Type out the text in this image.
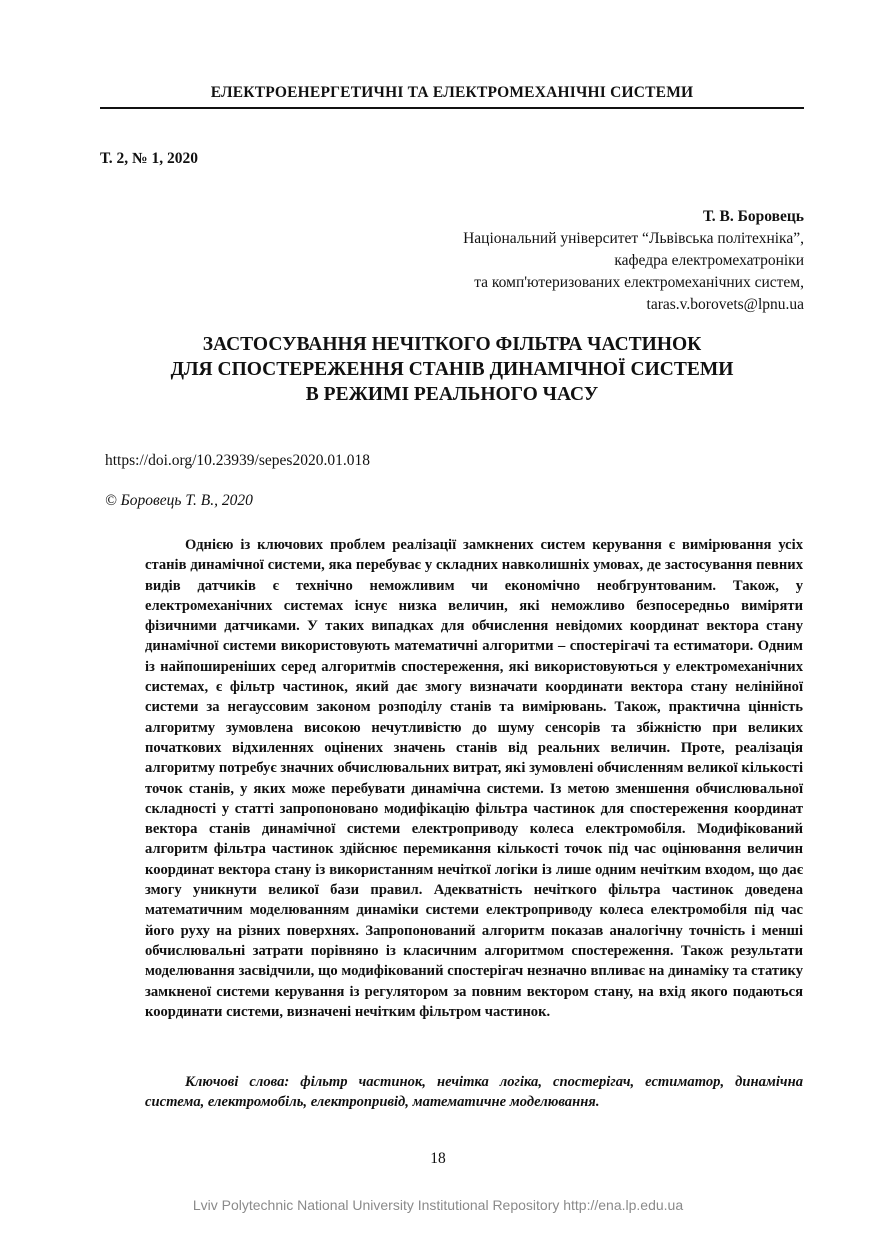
ЕЛЕКТРОЕНЕРГЕТИЧНІ ТА ЕЛЕКТРОМЕХАНІЧНІ СИСТЕМИ
Т. 2, № 1, 2020
Т. В. Боровець
Національний університет “Львівська політехніка”,
кафедра електромехатроніки
та комп'ютеризованих електромеханічних систем,
taras.v.borovets@lpnu.ua
ЗАСТОСУВАННЯ НЕЧІТКОГО ФІЛЬТРА ЧАСТИНОК
ДЛЯ СПОСТЕРЕЖЕННЯ СТАНІВ ДИНАМІЧНОЇ СИСТЕМИ
В РЕЖИМІ РЕАЛЬНОГО ЧАСУ
https://doi.org/10.23939/sepes2020.01.018
© Боровець Т. В., 2020

Однією із ключових проблем реалізації замкнених систем керування є вимірювання усіх станів динамічної системи, яка перебуває у складних навколишніх умовах, де застосування певних видів датчиків є технічно неможливим чи економічно необгрунтованим. Також, у електромеханічних системах існує низка величин, які неможливо безпосередньо виміряти фізичними датчиками. У таких випадках для обчислення невідомих координат вектора стану динамічної системи використовують математичні алгоритми – спостерігачі та естиматори. Одним із найпоширеніших серед алгоритмів спостереження, які використовуються у електромеханічних системах, є фільтр частинок, який дає змогу визначати координати вектора стану нелінійної системи за негауссовим законом розподілу станів та вимірювань. Також, практична цінність алгоритму зумовлена високою нечутливістю до шуму сенсорів та збіжністю при великих початкових відхиленнях оцінених значень станів від реальних величин. Проте, реалізація алгоритму потребує значних обчислювальних витрат, які зумовлені обчисленням великої кількості точок станів, у яких може перебувати динамічна системи. Із метою зменшення обчислювальної складності у статті запропоновано модифікацію фільтра частинок для спостереження координат вектора станів динамічної системи електроприводу колеса електромобіля. Модифікований алгоритм фільтра частинок здійснює перемикання кількості точок під час оцінювання величин координат вектора стану із використанням нечіткої логіки із лише одним нечітким входом, що дає змогу уникнути великої бази правил. Адекватність нечіткого фільтра частинок доведена математичним моделюванням динаміки системи електроприводу колеса електромобіля під час його руху на різних поверхнях. Запропонований алгоритм показав аналогічну точність і менші обчислювальні затрати порівняно із класичним алгоритмом спостереження. Також результати моделювання засвідчили, що модифікований спостерігач незначно впливає на динаміку та статику замкненої системи керування із регулятором за повним вектором стану, на вхід якого подаються координати системи, визначені нечітким фільтром частинок.

Ключові слова: фільтр частинок, нечітка логіка, спостерігач, естиматор, динамічна система, електромобіль, електропривід, математичне моделювання.

18
Lviv Polytechnic National University Institutional Repository http://ena.lp.edu.ua
